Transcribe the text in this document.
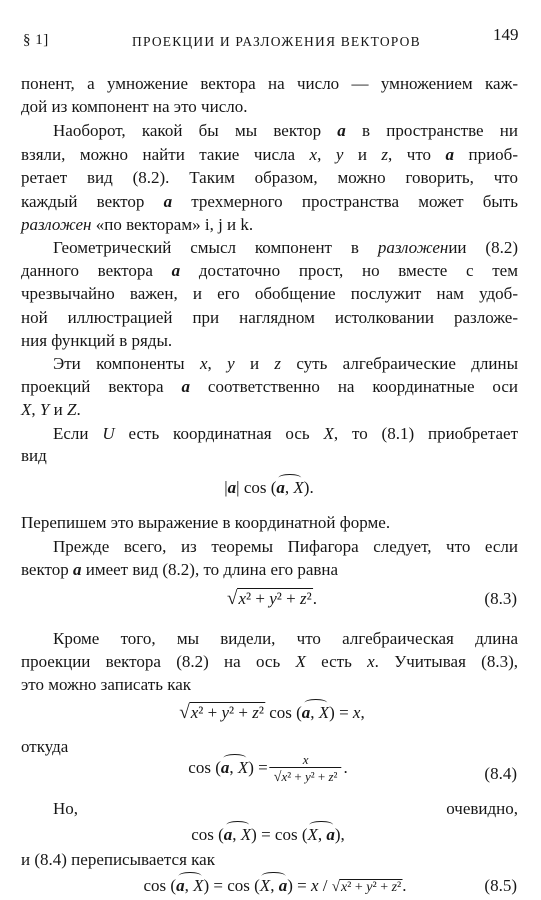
§ 1]	ПРОЕКЦИИ И РАЗЛОЖЕНИЯ ВЕКТОРОВ	149
понент, а умножение вектора на число — умножением каж-
дой из компонент на это число.
Наоборот, какой бы мы вектор a в пространстве ни
взяли, можно найти такие числа x, y и z, что a приоб-
ретает вид (8.2). Таким образом, можно говорить, что
каждый вектор a трехмерного пространства может быть
разложен «по векторам» i, j и k.
Геометрический смысл компонент в разложении (8.2)
данного вектора a достаточно прост, но вместе с тем
чрезвычайно важен, и его обобщение послужит нам удоб-
ной иллюстрацией при наглядном истолковании разложе-
ния функций в ряды.
Эти компоненты x, y и z суть алгебраические длины
проекций вектора a соответственно на координатные оси
X, Y и Z.
Если U есть координатная ось X, то (8.1) приобретает
вид
|a| cos (a, X).
Перепишем это выражение в координатной форме.
Прежде всего, из теоремы Пифагора следует, что если
вектор a имеет вид (8.2), то длина его равна
√x² + y² + z².	(8.3)
Кроме того, мы видели, что алгебраическая длина
проекции вектора (8.2) на ось X есть x. Учитывая (8.3),
это можно записать как
√x² + y² + z² cos (a, X) = x,
откуда
cos (a, $X) = \frac{x}{\text{√x² + y² + z²}}$ .	(8.4)
Но, очевидно,
cos (a, X) = cos (X, a),
и (8.4) переписывается как
cos (a, X) = cos (X, a) = x / √x² + y² + z².	(8.5)
